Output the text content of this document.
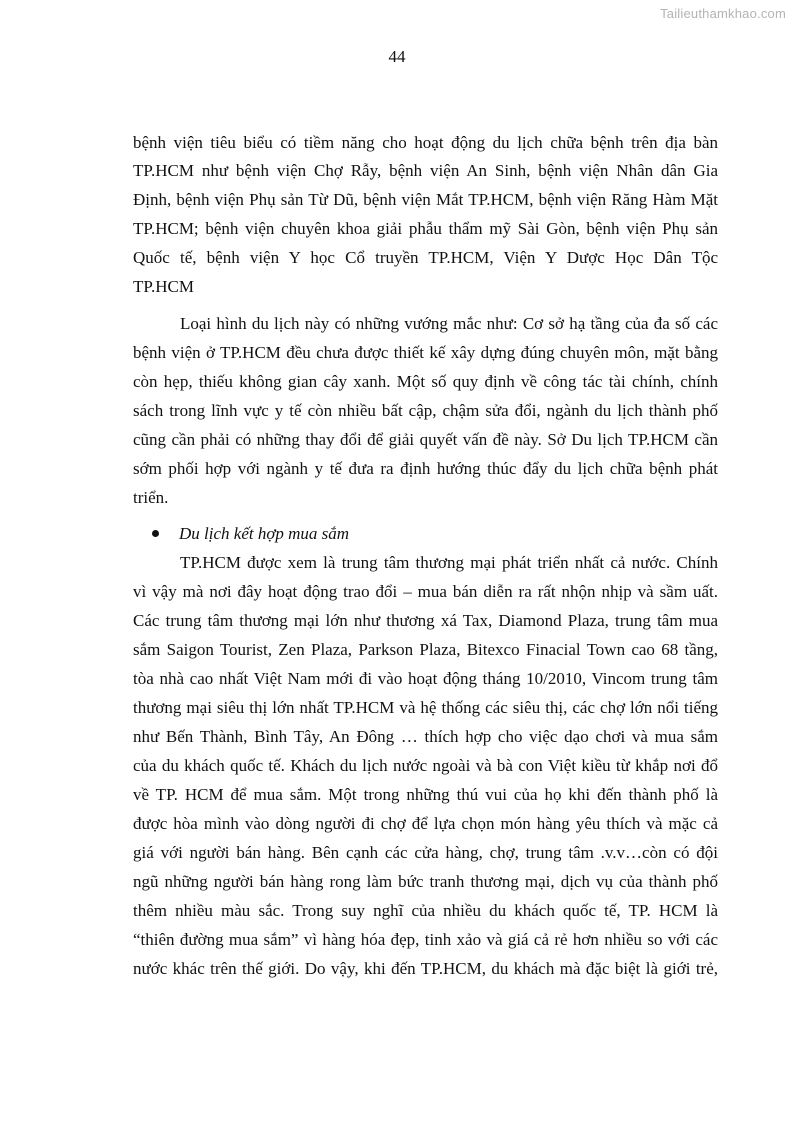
Tailieuthamkhao.com
44
bệnh viện tiêu biểu có tiềm năng cho hoạt động du lịch chữa bệnh trên địa bàn
TP.HCM như bệnh viện Chợ Rẫy, bệnh viện An Sinh, bệnh viện Nhân dân Gia
Định, bệnh viện Phụ sản Từ Dũ, bệnh viện Mắt TP.HCM, bệnh viện Răng Hàm Mặt
TP.HCM; bệnh viện chuyên khoa giải phẫu thẩm mỹ Sài Gòn, bệnh viện Phụ sản
Quốc tế, bệnh viện Y học Cổ truyền TP.HCM, Viện Y Dược Học Dân Tộc
TP.HCM
Loại hình du lịch này có những vướng mắc như: Cơ sở hạ tầng của đa số các
bệnh viện ở TP.HCM đều chưa được thiết kế xây dựng đúng chuyên môn, mặt bằng
còn hẹp, thiếu không gian cây xanh. Một số quy định về công tác tài chính, chính
sách trong lĩnh vực y tế còn nhiều bất cập, chậm sửa đổi, ngành du lịch thành phố
cũng cần phải có những thay đổi để giải quyết vấn đề này. Sở Du lịch TP.HCM cần
sớm phối hợp với ngành y tế đưa ra định hướng thúc đẩy du lịch chữa bệnh phát
triển.
Du lịch kết hợp mua sắm
TP.HCM được xem là trung tâm thương mại phát triển nhất cả nước. Chính
vì vậy mà nơi đây hoạt động trao đổi – mua bán diễn ra rất nhộn nhịp và sầm uất.
Các trung tâm thương mại lớn như thương xá Tax, Diamond Plaza, trung tâm mua
sắm Saigon Tourist, Zen Plaza, Parkson Plaza, Bitexco Finacial Town cao 68 tầng,
tòa nhà cao nhất Việt Nam mới đi vào hoạt động tháng 10/2010, Vincom trung tâm
thương mại siêu thị lớn nhất TP.HCM và hệ thống các siêu thị, các chợ lớn nổi tiếng
như Bến Thành, Bình Tây, An Đông … thích hợp cho việc dạo chơi và mua sắm
của du khách quốc tế. Khách du lịch nước ngoài và bà con Việt kiều từ khắp nơi đổ
về TP. HCM để mua sắm. Một trong những thú vui của họ khi đến thành phố là
được hòa mình vào dòng người đi chợ để lựa chọn món hàng yêu thích và mặc cả
giá với người bán hàng. Bên cạnh các cửa hàng, chợ, trung tâm .v.v…còn có đội
ngũ những người bán hàng rong làm bức tranh thương mại, dịch vụ của thành phố
thêm nhiều màu sắc. Trong suy nghĩ của nhiều du khách quốc tế, TP. HCM là
“thiên đường mua sắm” vì hàng hóa đẹp, tinh xảo và giá cả rẻ hơn nhiều so với các
nước khác trên thế giới. Do vậy, khi đến TP.HCM, du khách mà đặc biệt là giới trẻ,
